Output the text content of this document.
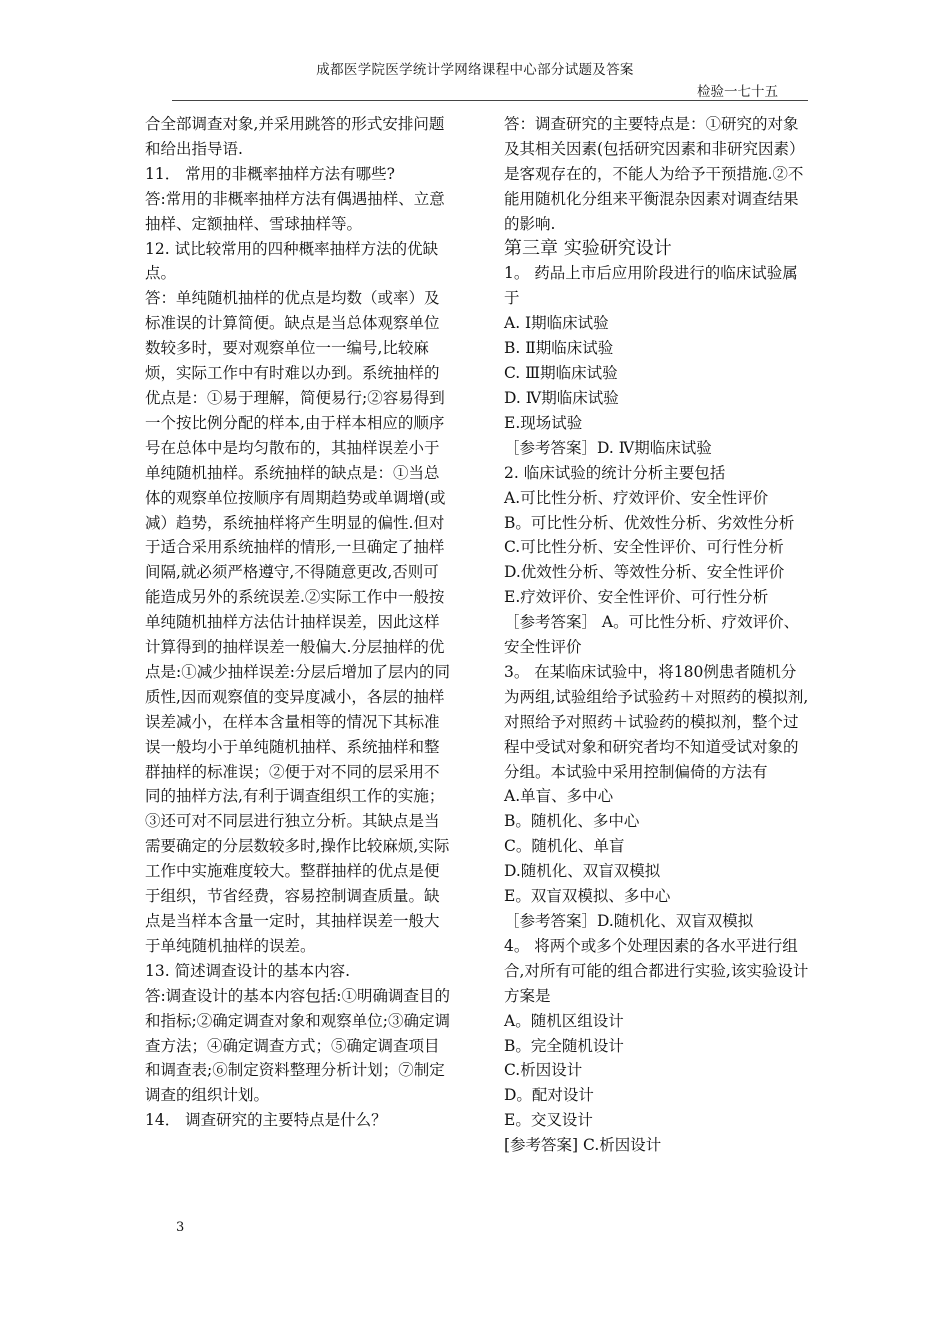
成都医学院医学统计学网络课程中心部分试题及答案
检验一七十五

合全部调查对象,并采用跳答的形式安排问题和给出指导语.

11． 常用的非概率抽样方法有哪些?

答:常用的非概率抽样方法有偶遇抽样、立意抽样、定额抽样、雪球抽样等。

12. 试比较常用的四种概率抽样方法的优缺点。

答：单纯随机抽样的优点是均数（或率）及标准误的计算简便。缺点是当总体观察单位数较多时，要对观察单位一一编号,比较麻烦，实际工作中有时难以办到。系统抽样的优点是：①易于理解，简便易行;②容易得到一个按比例分配的样本,由于样本相应的顺序号在总体中是均匀散布的，其抽样误差小于单纯随机抽样。系统抽样的缺点是：①当总体的观察单位按顺序有周期趋势或单调增(或减）趋势，系统抽样将产生明显的偏性.但对于适合采用系统抽样的情形,一旦确定了抽样间隔,就必须严格遵守,不得随意更改,否则可能造成另外的系统误差.②实际工作中一般按单纯随机抽样方法估计抽样误差，因此这样计算得到的抽样误差一般偏大.分层抽样的优点是:①减少抽样误差:分层后增加了层内的同质性,因而观察值的变异度减小，各层的抽样误差减小，在样本含量相等的情况下其标准误一般均小于单纯随机抽样、系统抽样和整群抽样的标准误；②便于对不同的层采用不同的抽样方法,有利于调查组织工作的实施；③还可对不同层进行独立分析。其缺点是当需要确定的分层数较多时,操作比较麻烦,实际工作中实施难度较大。整群抽样的优点是便于组织，节省经费，容易控制调查质量。缺点是当样本含量一定时，其抽样误差一般大于单纯随机抽样的误差。

13. 简述调查设计的基本内容.

答:调查设计的基本内容包括:①明确调查目的和指标;②确定调查对象和观察单位;③确定调查方法；④确定调查方式；⑤确定调查项目和调查表;⑥制定资料整理分析计划；⑦制定调查的组织计划。

14． 调查研究的主要特点是什么？

答：调查研究的主要特点是：①研究的对象及其相关因素(包括研究因素和非研究因素）是客观存在的，不能人为给予干预措施.②不能用随机化分组来平衡混杂因素对调查结果的影响.

第三章 实验研究设计

1。 药品上市后应用阶段进行的临床试验属于

A. Ⅰ期临床试验

B. Ⅱ期临床试验

C. Ⅲ期临床试验

D. Ⅳ期临床试验

E.现场试验

［参考答案］D. Ⅳ期临床试验

2. 临床试验的统计分析主要包括

A.可比性分析、疗效评价、安全性评价

B。可比性分析、优效性分析、劣效性分析

C.可比性分析、安全性评价、可行性分析

D.优效性分析、等效性分析、安全性评价

E.疗效评价、安全性评价、可行性分析

［参考答案］ A。可比性分析、疗效评价、安全性评价

3。 在某临床试验中，将180例患者随机分为两组,试验组给予试验药＋对照药的模拟剂,对照给予对照药＋试验药的模拟剂，整个过程中受试对象和研究者均不知道受试对象的分组。本试验中采用控制偏倚的方法有

A.单盲、多中心

B。随机化、多中心

C。随机化、单盲

D.随机化、双盲双模拟

E。双盲双模拟、多中心

［参考答案］D.随机化、双盲双模拟

4。 将两个或多个处理因素的各水平进行组合,对所有可能的组合都进行实验,该实验设计方案是

A。随机区组设计

B。完全随机设计

C.析因设计

D。配对设计

E。交叉设计

[参考答案] C.析因设计

3
